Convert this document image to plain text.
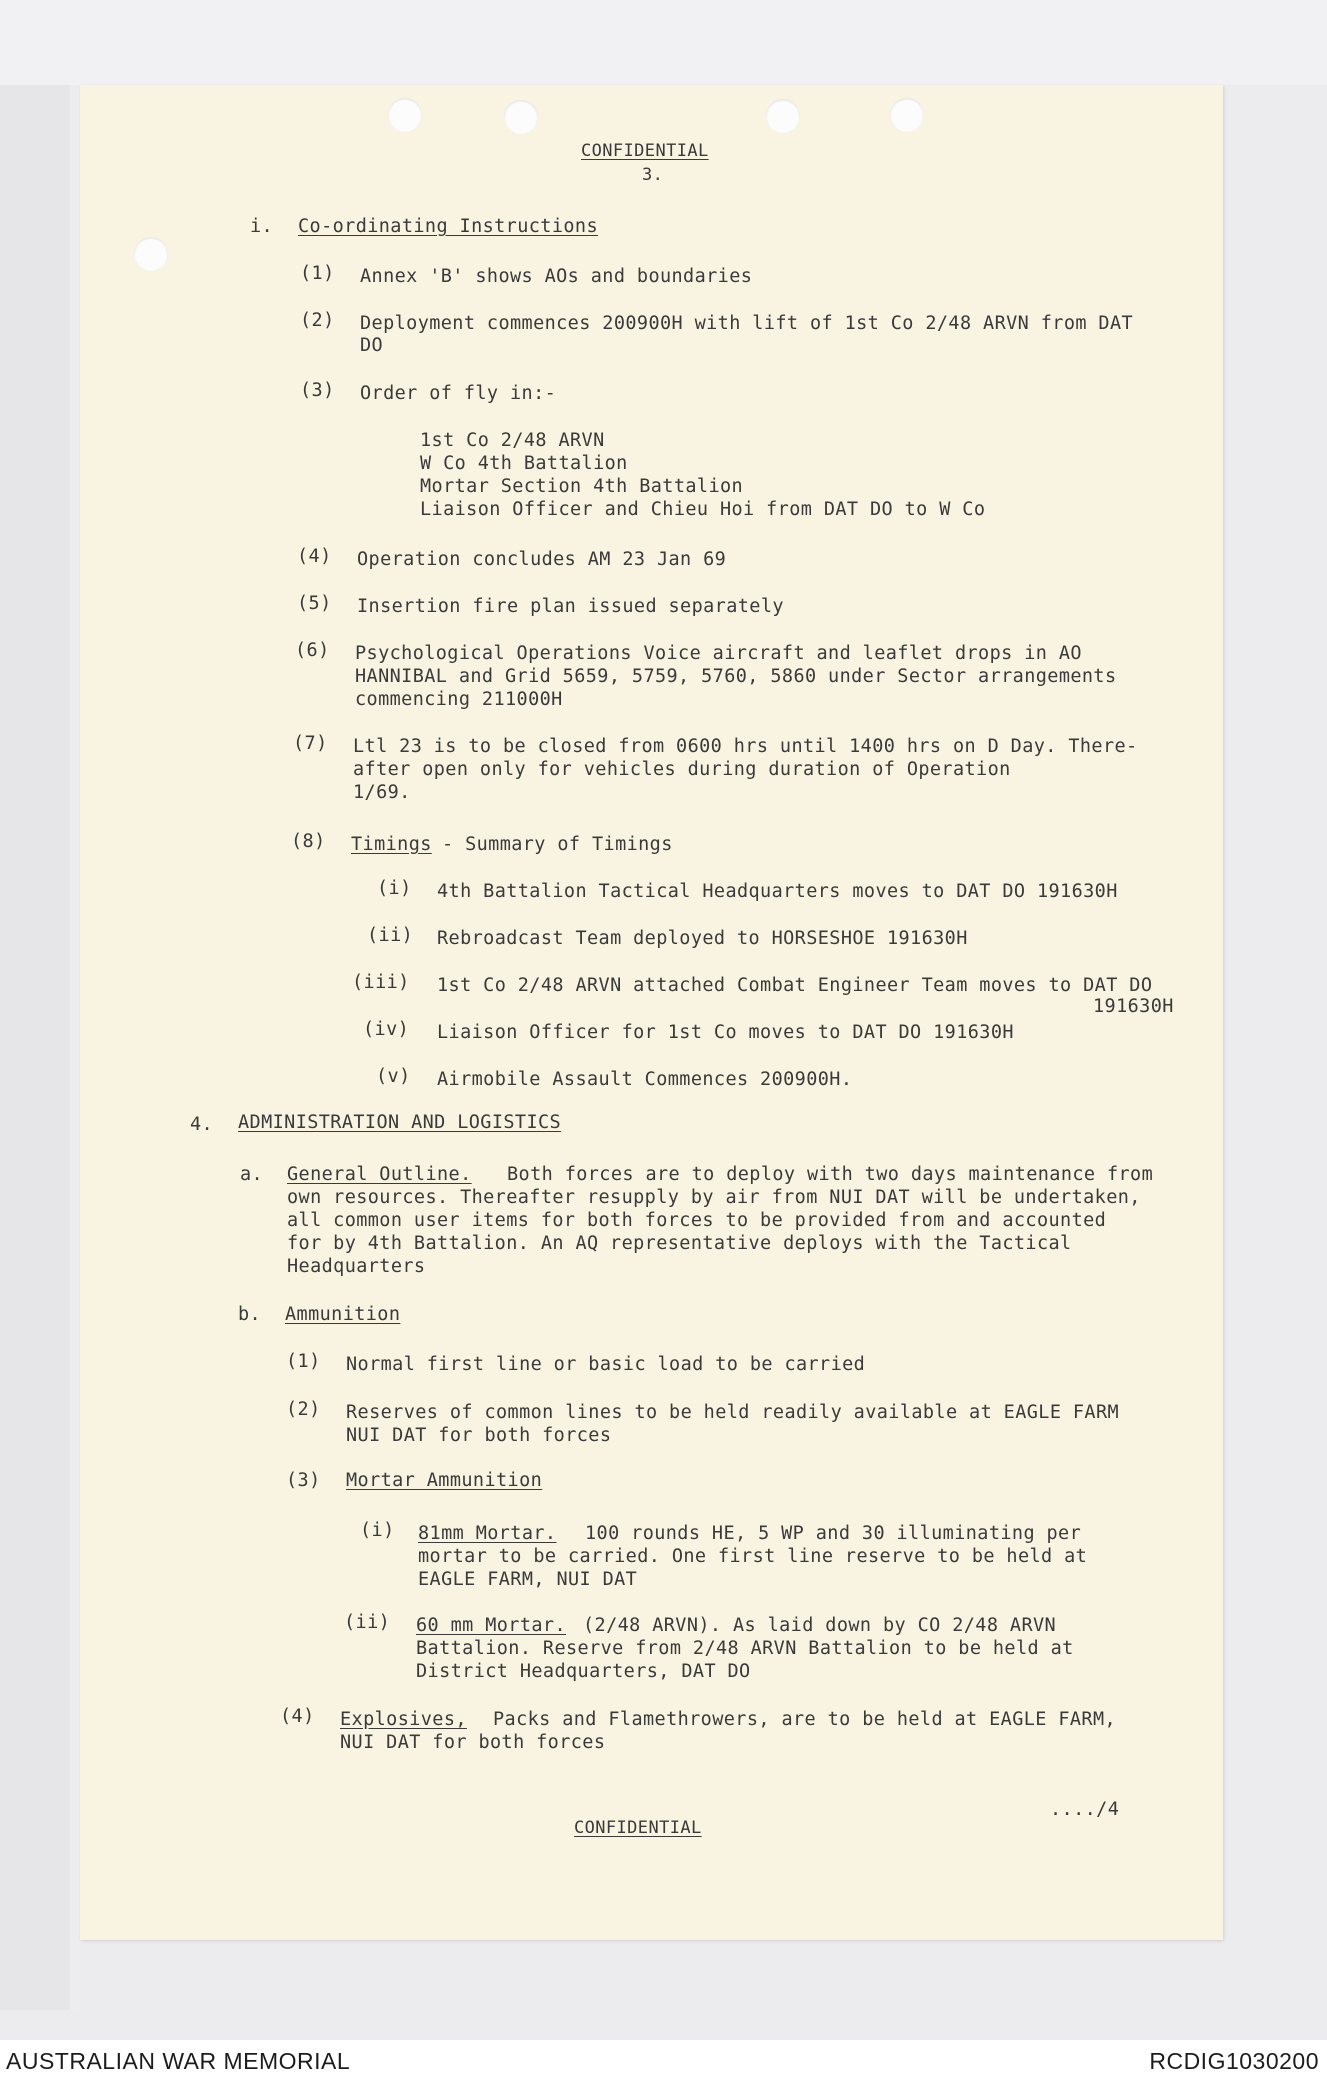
CONFIDENTIAL
3.
i. Co-ordinating Instructions
(1) Annex 'B' shows AOs and boundaries
(2) Deployment commences 200900H with lift of 1st Co 2/48 ARVN from DAT
DO
(3) Order of fly in:-
1st Co 2/48 ARVN
W Co 4th Battalion
Mortar Section 4th Battalion
Liaison Officer and Chieu Hoi from DAT DO to W Co
(4) Operation concludes AM 23 Jan 69
(5) Insertion fire plan issued separately
(6) Psychological Operations Voice aircraft and leaflet drops in AO
HANNIBAL and Grid 5659, 5759, 5760, 5860 under Sector arrangements
commencing 211000H
(7) Ltl 23 is to be closed from 0600 hrs until 1400 hrs on D Day. There-
after open only for vehicles during duration of Operation
1/69.
(8) Timings - Summary of Timings
(i) 4th Battalion Tactical Headquarters moves to DAT DO 191630H
(ii) Rebroadcast Team deployed to HORSESHOE 191630H
(iii) 1st Co 2/48 ARVN attached Combat Engineer Team moves to DAT DO
191630H
(iv) Liaison Officer for 1st Co moves to DAT DO 191630H
(v) Airmobile Assault Commences 200900H.
4. ADMINISTRATION AND LOGISTICS
a. General Outline. Both forces are to deploy with two days maintenance from
own resources. Thereafter resupply by air from NUI DAT will be undertaken,
all common user items for both forces to be provided from and accounted
for by 4th Battalion. An AQ representative deploys with the Tactical
Headquarters
b. Ammunition
(1) Normal first line or basic load to be carried
(2) Reserves of common lines to be held readily available at EAGLE FARM
NUI DAT for both forces
(3) Mortar Ammunition
(i) 81mm Mortar. 100 rounds HE, 5 WP and 30 illuminating per
mortar to be carried. One first line reserve to be held at
EAGLE FARM, NUI DAT
(ii) 60 mm Mortar. (2/48 ARVN). As laid down by CO 2/48 ARVN
Battalion. Reserve from 2/48 ARVN Battalion to be held at
District Headquarters, DAT DO
(4) Explosives, Packs and Flamethrowers, are to be held at EAGLE FARM,
NUI DAT for both forces
..../4
CONFIDENTIAL
AUSTRALIAN WAR MEMORIAL	RCDIG1030200
